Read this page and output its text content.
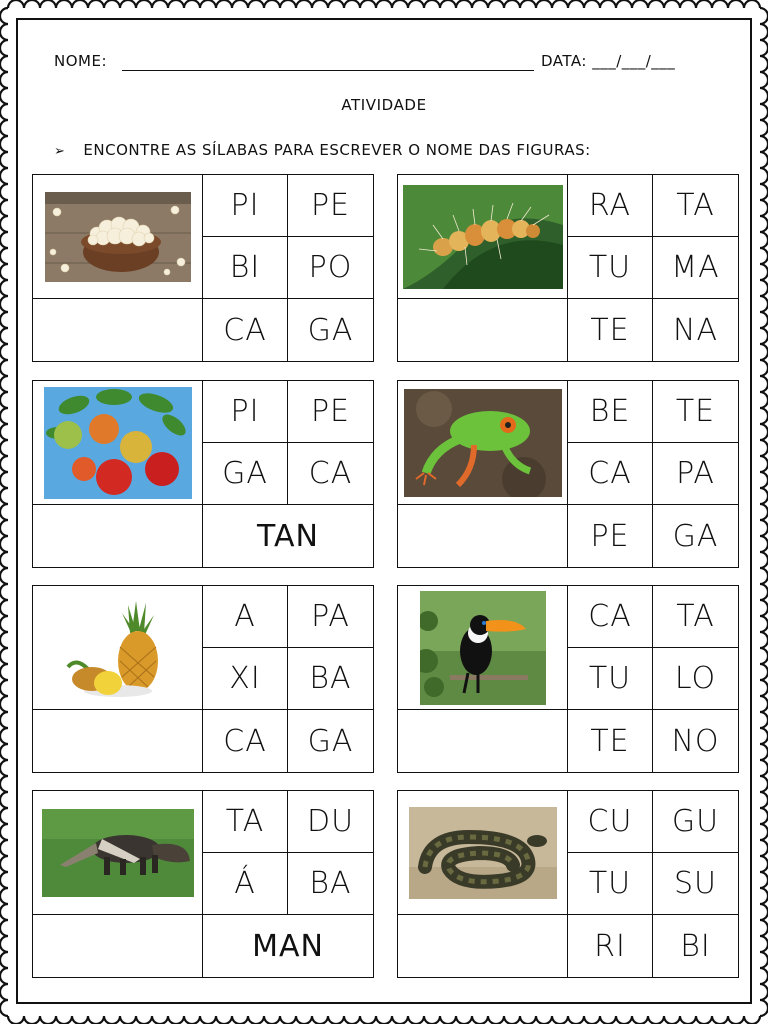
NOME:	DATA: ___/___/___
ATIVIDADE
➢ ENCONTRE AS SÍLABAS PARA ESCREVER O NOME DAS FIGURAS:
PI	PE
BI	PO
CA	GA
RA	TA
TU	MA
TE	NA
PI	PE
GA	CA
TAN
BE	TE
CA	PA
PE	GA
A	PA
XI	BA
CA	GA
CA	TA
TU	LO
TE	NO
TA	DU
Á	BA
MAN
CU	GU
TU	SU
RI	BI
